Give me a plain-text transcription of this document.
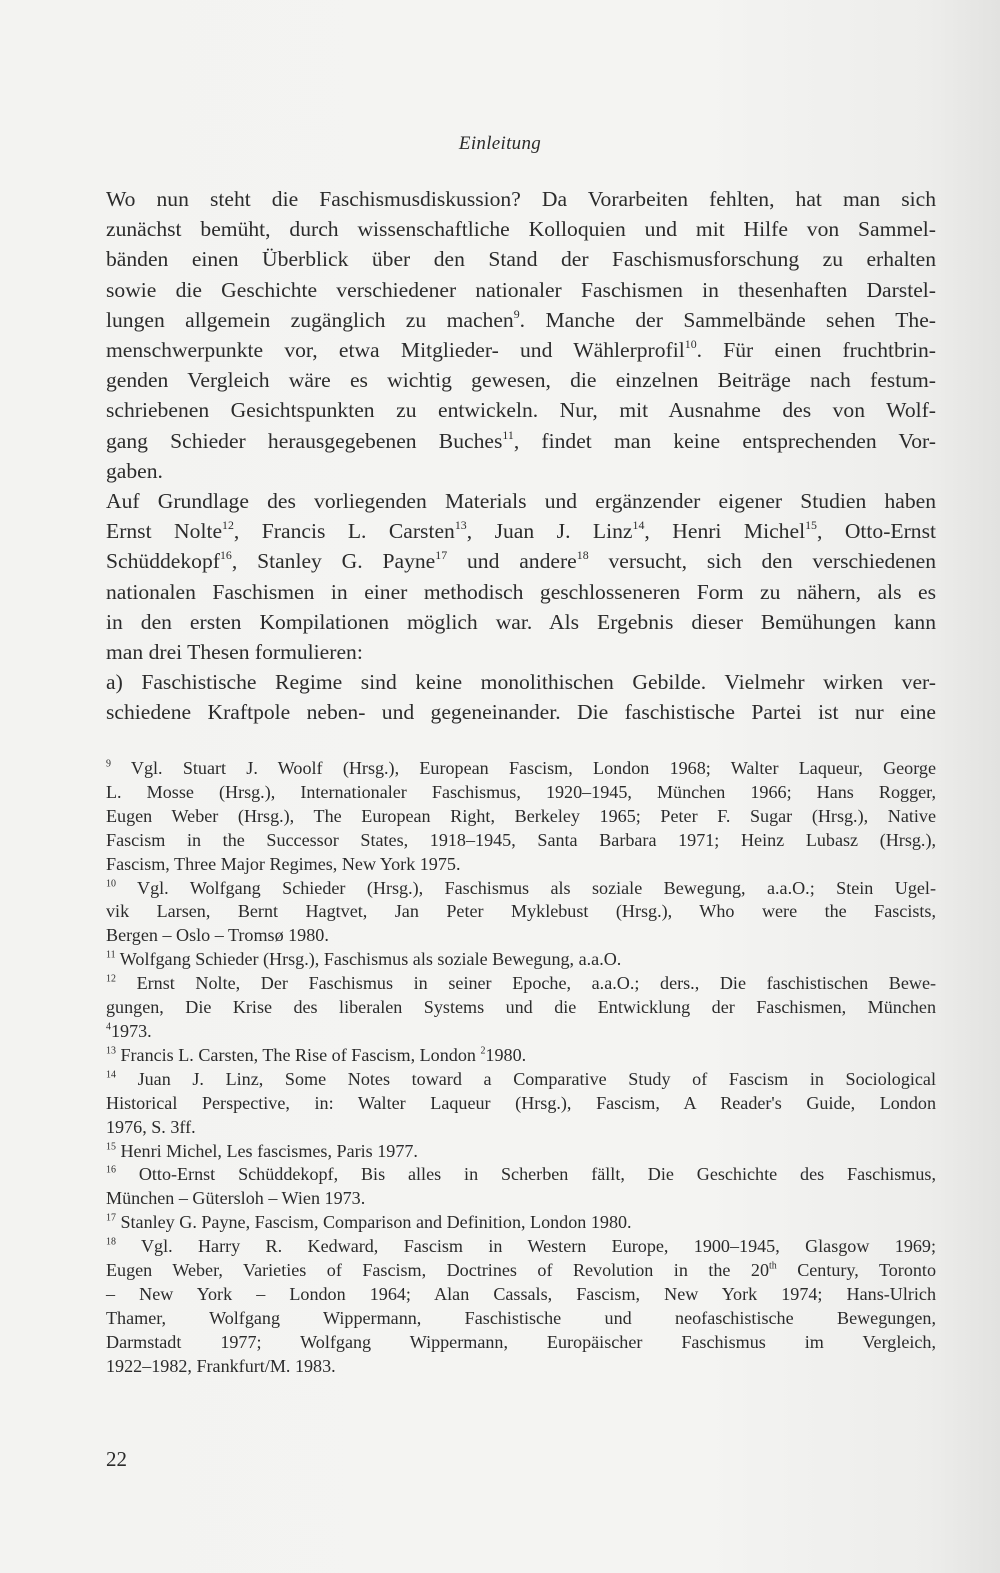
Einleitung
Wo nun steht die Faschismusdiskussion? Da Vorarbeiten fehlten, hat man sich
zunächst bemüht, durch wissenschaftliche Kolloquien und mit Hilfe von Sammel-
bänden einen Überblick über den Stand der Faschismusforschung zu erhalten
sowie die Geschichte verschiedener nationaler Faschismen in thesenhaften Darstel-
lungen allgemein zugänglich zu machen$^9$. Manche der Sammelbände sehen The-
menschwerpunkte vor, etwa Mitglieder- und Wählerprofil$^{10}$. Für einen fruchtbrin-
genden Vergleich wäre es wichtig gewesen, die einzelnen Beiträge nach festum-
schriebenen Gesichtspunkten zu entwickeln. Nur, mit Ausnahme des von Wolf-
gang Schieder herausgegebenen Buches$^{11}$, findet man keine entsprechenden Vor-
gaben.
Auf Grundlage des vorliegenden Materials und ergänzender eigener Studien haben
Ernst Nolte$^{12}$, Francis L. Carsten$^{13}$, Juan J. Linz$^{14}$, Henri Michel$^{15}$, Otto-Ernst
Schüddekopf$^{16}$, Stanley G. Payne$^{17}$ und andere$^{18}$ versucht, sich den verschiedenen
nationalen Faschismen in einer methodisch geschlosseneren Form zu nähern, als es
in den ersten Kompilationen möglich war. Als Ergebnis dieser Bemühungen kann
man drei Thesen formulieren:
a) Faschistische Regime sind keine monolithischen Gebilde. Vielmehr wirken ver-
schiedene Kraftpole neben- und gegeneinander. Die faschistische Partei ist nur eine
$^9$ Vgl. Stuart J. Woolf (Hrsg.), European Fascism, London 1968; Walter Laqueur, George
L. Mosse (Hrsg.), Internationaler Faschismus, 1920–1945, München 1966; Hans Rogger,
Eugen Weber (Hrsg.), The European Right, Berkeley 1965; Peter F. Sugar (Hrsg.), Native
Fascism in the Successor States, 1918–1945, Santa Barbara 1971; Heinz Lubasz (Hrsg.),
Fascism, Three Major Regimes, New York 1975.
$^{10}$ Vgl. Wolfgang Schieder (Hrsg.), Faschismus als soziale Bewegung, a.a.O.; Stein Ugel-
vik Larsen, Bernt Hagtvet, Jan Peter Myklebust (Hrsg.), Who were the Fascists,
Bergen – Oslo – Tromsø 1980.
$^{11}$ Wolfgang Schieder (Hrsg.), Faschismus als soziale Bewegung, a.a.O.
$^{12}$ Ernst Nolte, Der Faschismus in seiner Epoche, a.a.O.; ders., Die faschistischen Bewe-
gungen, Die Krise des liberalen Systems und die Entwicklung der Faschismen, München
$^4$1973.
$^{13}$ Francis L. Carsten, The Rise of Fascism, London $^2$1980.
$^{14}$ Juan J. Linz, Some Notes toward a Comparative Study of Fascism in Sociological
Historical Perspective, in: Walter Laqueur (Hrsg.), Fascism, A Reader's Guide, London
1976, S. 3ff.
$^{15}$ Henri Michel, Les fascismes, Paris 1977.
$^{16}$ Otto-Ernst Schüddekopf, Bis alles in Scherben fällt, Die Geschichte des Faschismus,
München – Gütersloh – Wien 1973.
$^{17}$ Stanley G. Payne, Fascism, Comparison and Definition, London 1980.
$^{18}$ Vgl. Harry R. Kedward, Fascism in Western Europe, 1900–1945, Glasgow 1969;
Eugen Weber, Varieties of Fascism, Doctrines of Revolution in the 20th Century, Toronto
– New York – London 1964; Alan Cassals, Fascism, New York 1974; Hans-Ulrich
Thamer, Wolfgang Wippermann, Faschistische und neofaschistische Bewegungen,
Darmstadt 1977; Wolfgang Wippermann, Europäischer Faschismus im Vergleich,
1922–1982, Frankfurt/M. 1983.
22
